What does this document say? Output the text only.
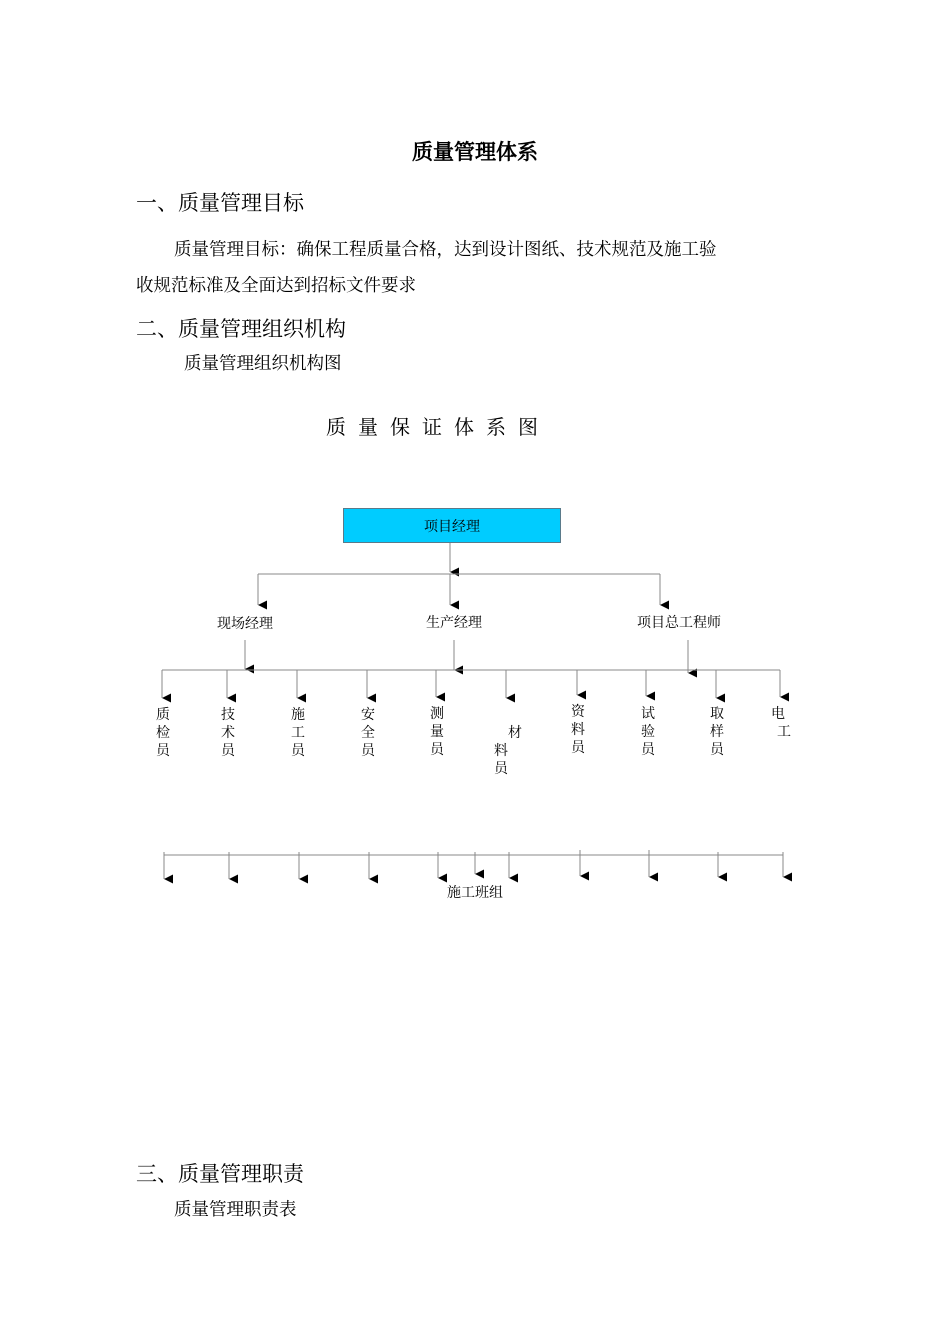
质量管理体系
一、质量管理目标
质量管理目标：确保工程质量合格，达到设计图纸、技术规范及施工验
收规范标准及全面达到招标文件要求
二、质量管理组织机构
质量管理组织机构图
质量保证体系图
项目经理
现场经理	生产经理	项目总工程师
质检员
技术员
施工员
安全员
测量员
材
料
员
资料员
试验员
取样员
电
工
施工班组
三、质量管理职责
质量管理职责表
